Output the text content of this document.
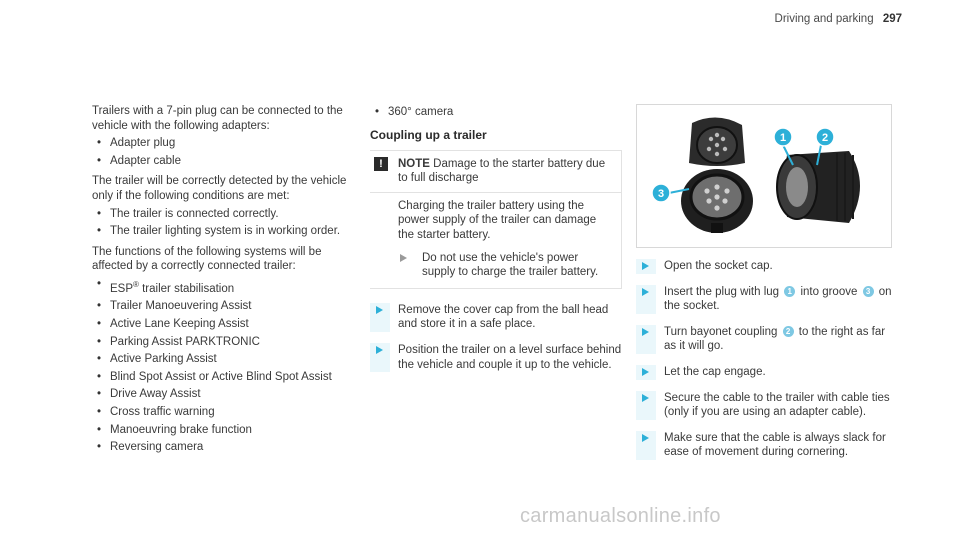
Driving and parking 297

Trailers with a 7-pin plug can be connected to the vehicle with the following adapters:

• Adapter plug
• Adapter cable

The trailer will be correctly detected by the vehicle only if the following conditions are met:

• The trailer is connected correctly.
• The trailer lighting system is in working order.

The functions of the following systems will be affected by a correctly connected trailer:

• ESP® trailer stabilisation
• Trailer Manoeuvering Assist
• Active Lane Keeping Assist
• Parking Assist PARKTRONIC
• Active Parking Assist
• Blind Spot Assist or Active Blind Spot Assist
• Drive Away Assist
• Cross traffic warning
• Manoeuvring brake function
• Reversing camera
• 360° camera
Coupling up a trailer
!	NOTE Damage to the starter battery due to full discharge

Charging the trailer battery using the power supply of the trailer can damage the starter battery.

Do not use the vehicle's power supply to charge the trailer battery.
Remove the cover cap from the ball head and store it in a safe place.
Position the trailer on a level surface behind the vehicle and couple it up to the vehicle.
1	2
3
Open the socket cap.
Insert the plug with lug 1 into groove 3 on the socket.
Turn bayonet coupling 2 to the right as far as it will go.
Let the cap engage.
Secure the cable to the trailer with cable ties (only if you are using an adapter cable).
Make sure that the cable is always slack for ease of movement during cornering.
carmanualsonline.info
